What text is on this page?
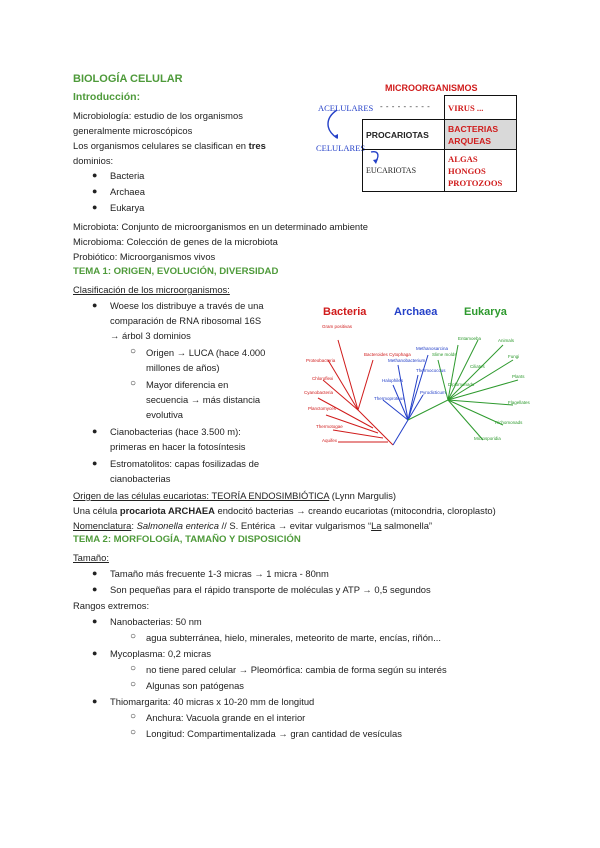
BIOLOGÍA CELULAR
Introducción:
Microbiología: estudio de los organismos
generalmente microscópicos
Los organismos celulares se clasifican en tres
dominios:
● Bacteria
● Archaea
● Eukarya
Microbiota: Conjunto de microorganismos en un determinado ambiente
Microbioma: Colección de genes de la microbiota
Probiótico: Microorganismos vivos
MICROORGANISMOS
ACELULARES - - - - - - - - -
CELULARES
	VIRUS ...
PROCARIOTAS	BACTERIAS
ARQUEAS

EUCARIOTAS	ALGAS
HONGOS
PROTOZOOS
TEMA 1: ORIGEN, EVOLUCIÓN, DIVERSIDAD
Clasificación de los microorganismos:
● Woese los distribuye a través de una
comparación de RNA ribosomal 16S
→ árbol 3 dominios
○ Origen → LUCA (hace 4.000
millones de años)
○ Mayor diferencia en
secuencia → más distancia
evolutiva
● Cianobacterias (hace 3.500 m):
primeras en hacer la fotosíntesis
● Estromatolitos: capas fosilizadas de
cianobacterias
Origen de las células eucariotas: TEORÍA ENDOSIMBIÓTICA (Lynn Margulis)
Una célula procariota ARCHAEA endocitó bacterias → creando eucariotas (mitocondria, cloroplasto)
Nomenclatura: Salmonella enterica // S. Entérica → evitar vulgarismos “La salmonella”
Bacteria	Archaea Eukarya
Gram positivas
Proteobacteria
Chloroflexi
Cyanobacteria
Planctomyces
Bacteroides Cytophaga
Thermotogae
Aquifex
Methanosarcina
Methanobacterium
Halophiles
Thermococcus
Thermoproteus
Pyrodicticum
Entamoeba
Slime molds
Animals
Fungi
Plants
Ciliates
Flagellates
Trichomonads
Microsporidia
Diplomonads
TEMA 2: MORFOLOGÍA, TAMAÑO Y DISPOSICIÓN
Tamaño:
● Tamaño más frecuente 1-3 micras → 1 micra - 80nm
● Son pequeñas para el rápido transporte de moléculas y ATP → 0,5 segundos
Rangos extremos:
● Nanobacterias: 50 nm
○ agua subterránea, hielo, minerales, meteorito de marte, encías, riñón...
● Mycoplasma: 0,2 micras
○ no tiene pared celular → Pleomórfica: cambia de forma según su interés
○ Algunas son patógenas
● Thiomargarita: 40 micras x 10-20 mm de longitud
○ Anchura: Vacuola grande en el interior
○ Longitud: Compartimentalizada → gran cantidad de vesículas
